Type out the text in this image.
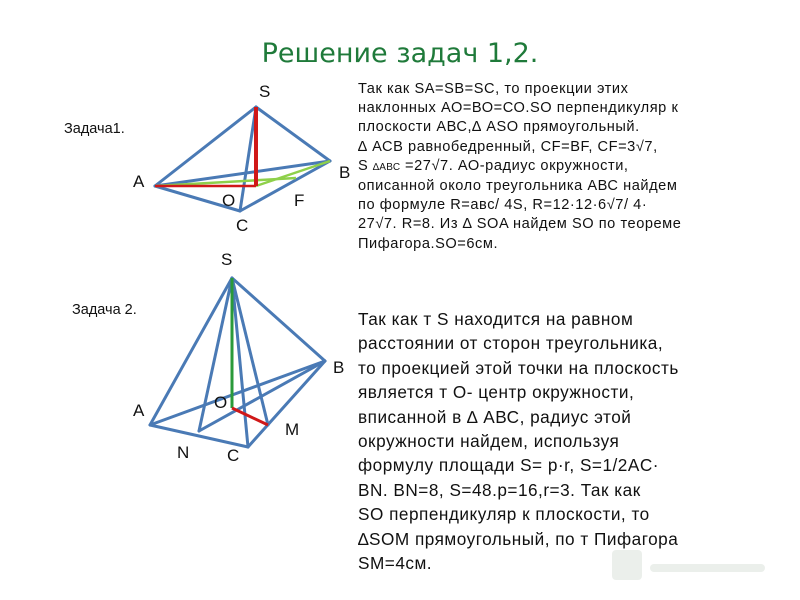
Решение задач 1,2.
Задача1.
Задача 2.
S
A	B
O	F
C
S
B
A	O
M
N C
Так как SA=SB=SC, то проекции этих
наклонных АО=ВО=СО.SO перпендикуляр к
плоскости АВС,∆ ASO прямоугольный.
∆ АСВ равнобедренный, CF=BF, CF=3√7,
S ∆АВС =27√7. АО-радиус окружности,
описанной около треугольника АВС найдем
по формуле R=авс/ 4S, R=12·12·6√7/ 4·
27√7. R=8. Из ∆ SOA найдем SO по теореме
Пифагора.SO=6см.
Так как т S находится на равном
расстоянии от сторон треугольника,
то проекцией этой точки на плоскость
является т О- центр окружности,
вписанной в ∆ АВС, радиус этой
окружности найдем, используя
формулу площади S= p·r, S=1/2AC·
BN. BN=8, S=48.p=16,r=3. Так как
SO перпендикуляр к плоскости, то
∆SOM прямоугольный, по т Пифагора
SM=4см.
